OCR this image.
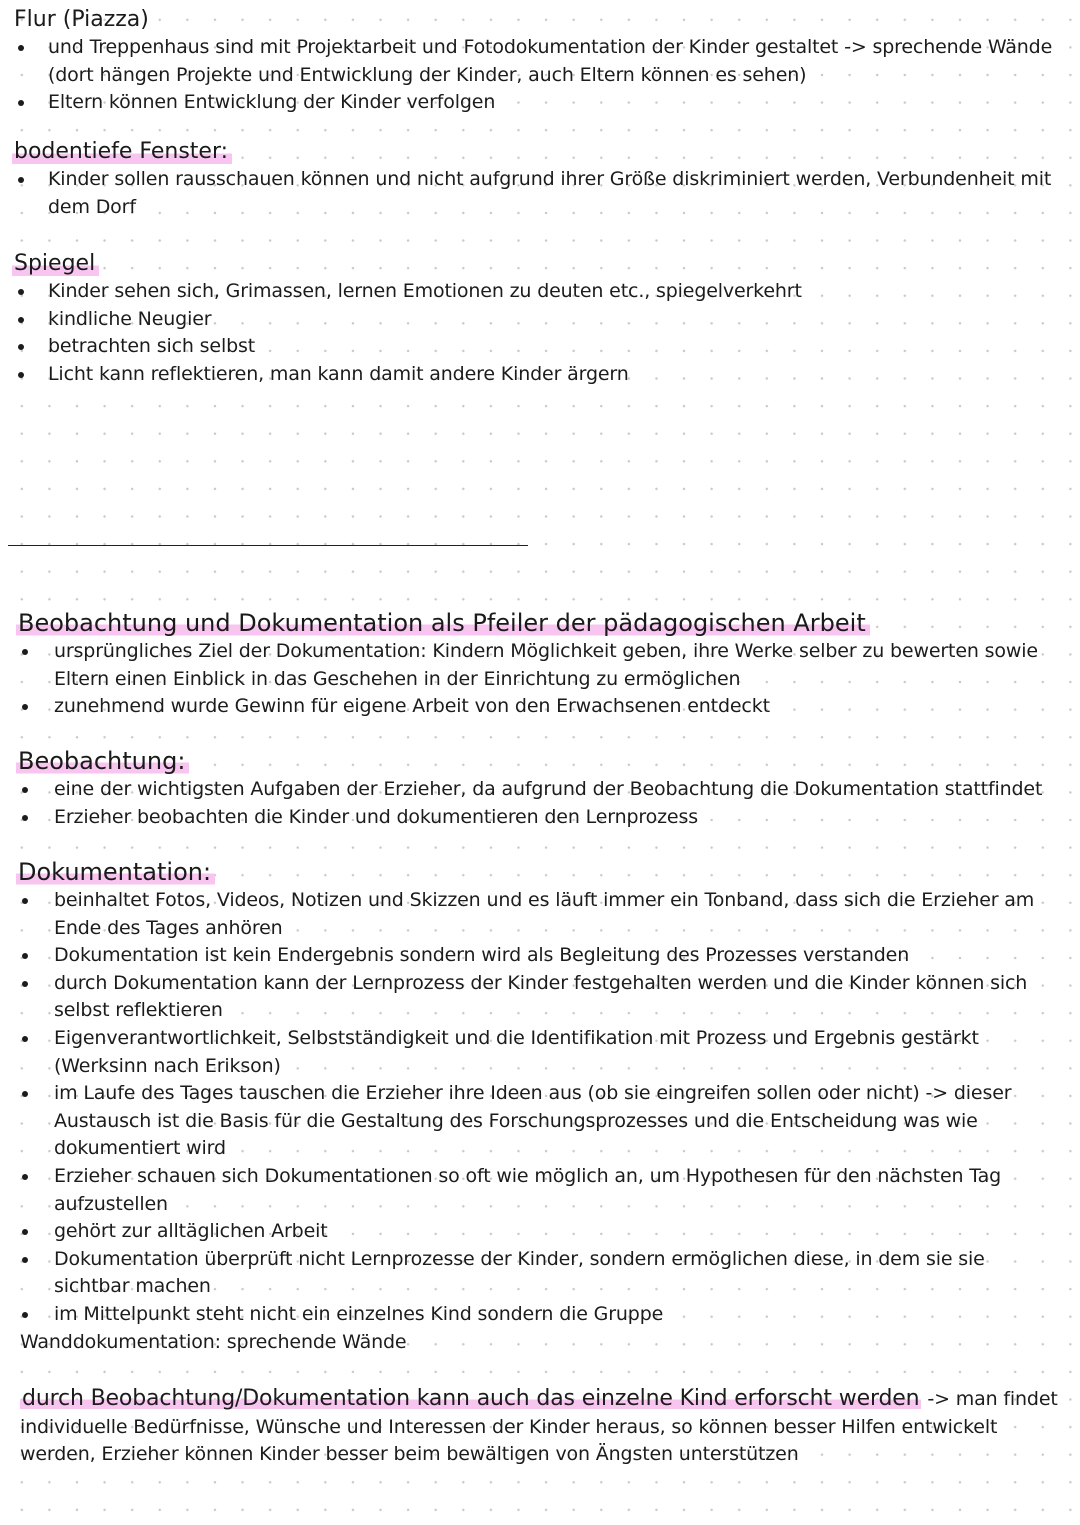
Flur (Piazza)
und Treppenhaus sind mit Projektarbeit und Fotodokumentation der Kinder gestaltet -> sprechende Wände (dort hängen Projekte und Entwicklung der Kinder, auch Eltern können es sehen)
Eltern können Entwicklung der Kinder verfolgen
bodentiefe Fenster:
Kinder sollen rausschauen können und nicht aufgrund ihrer Größe diskriminiert werden, Verbundenheit mit dem Dorf
Spiegel
Kinder sehen sich, Grimassen, lernen Emotionen zu deuten etc., spiegelverkehrt
kindliche Neugier
betrachten sich selbst
Licht kann reflektieren, man kann damit andere Kinder ärgern
Beobachtung und Dokumentation als Pfeiler der pädagogischen Arbeit
ursprüngliches Ziel der Dokumentation: Kindern Möglichkeit geben, ihre Werke selber zu bewerten sowie Eltern einen Einblick in das Geschehen in der Einrichtung zu ermöglichen
zunehmend wurde Gewinn für eigene Arbeit von den Erwachsenen entdeckt
Beobachtung:
eine der wichtigsten Aufgaben der Erzieher, da aufgrund der Beobachtung die Dokumentation stattfindet
Erzieher beobachten die Kinder und dokumentieren den Lernprozess
Dokumentation:
beinhaltet Fotos, Videos, Notizen und Skizzen und es läuft immer ein Tonband, dass sich die Erzieher am Ende des Tages anhören
Dokumentation ist kein Endergebnis sondern wird als Begleitung des Prozesses verstanden
durch Dokumentation kann der Lernprozess der Kinder festgehalten werden und die Kinder können sich selbst reflektieren
Eigenverantwortlichkeit, Selbstständigkeit und die Identifikation mit Prozess und Ergebnis gestärkt (Werksinn nach Erikson)
im Laufe des Tages tauschen die Erzieher ihre Ideen aus (ob sie eingreifen sollen oder nicht) -> dieser Austausch ist die Basis für die Gestaltung des Forschungsprozesses und die Entscheidung was wie dokumentiert wird
Erzieher schauen sich Dokumentationen so oft wie möglich an, um Hypothesen für den nächsten Tag aufzustellen
gehört zur alltäglichen Arbeit
Dokumentation überprüft nicht Lernprozesse der Kinder, sondern ermöglichen diese, in dem sie sie sichtbar machen
im Mittelpunkt steht nicht ein einzelnes Kind sondern die Gruppe
Wanddokumentation: sprechende Wände
durch Beobachtung/Dokumentation kann auch das einzelne Kind erforscht werden -> man findet individuelle Bedürfnisse, Wünsche und Interessen der Kinder heraus, so können besser Hilfen entwickelt werden, Erzieher können Kinder besser beim bewältigen von Ängsten unterstützen
